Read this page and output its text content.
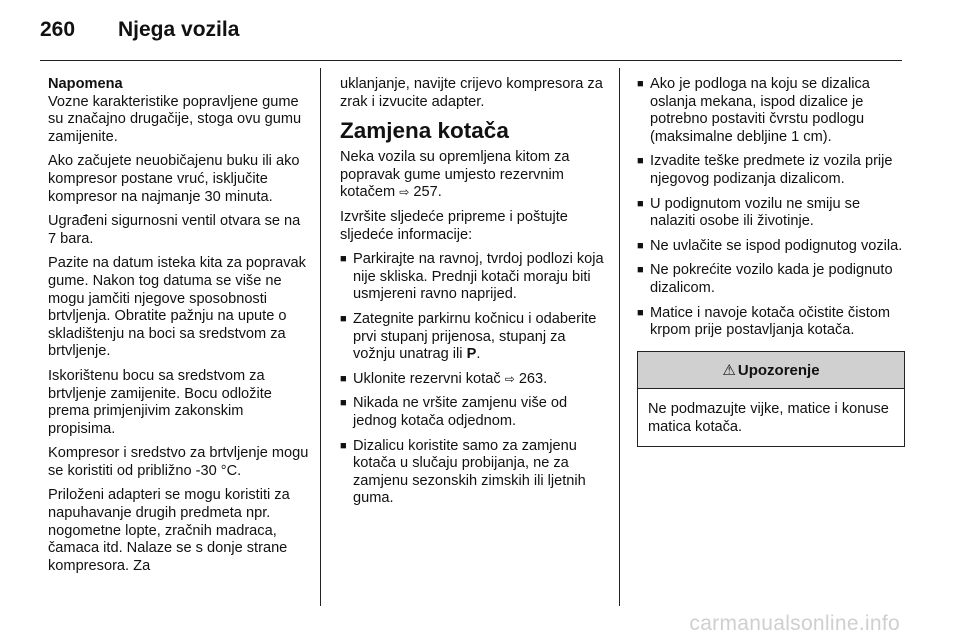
260 Njega vozila

Napomena

Vozne karakteristike popravljene gume su značajno drugačije, stoga ovu gumu zamijenite.

Ako začujete neuobičajenu buku ili ako kompresor postane vruć, isključite kompresor na najmanje 30 minuta.

Ugrađeni sigurnosni ventil otvara se na 7 bara.

Pazite na datum isteka kita za popravak gume. Nakon tog datuma se više ne mogu jamčiti njegove sposobnosti brtvljenja. Obratite pažnju na upute o skladištenju na boci sa sredstvom za brtvljenje.

Iskorištenu bocu sa sredstvom za brtvljenje zamijenite. Bocu odložite prema primjenjivim zakonskim propisima.

Kompresor i sredstvo za brtvljenje mogu se koristiti od približno -30 °C.

Priloženi adapteri se mogu koristiti za napuhavanje drugih predmeta npr. nogometne lopte, zračnih madraca, čamaca itd. Nalaze se s donje strane kompresora. Za

uklanjanje, navijte crijevo kompresora za zrak i izvucite adapter.

Zamjena kotača

Neka vozila su opremljena kitom za popravak gume umjesto rezervnim kotačem ⇨ 257.

Izvršite sljedeće pripreme i poštujte sljedeće informacije:

■ Parkirajte na ravnoj, tvrdoj podlozi koja nije skliska. Prednji kotači moraju biti usmjereni ravno naprijed.
■ Zategnite parkirnu kočnicu i odaberite prvi stupanj prijenosa, stupanj za vožnju unatrag ili P.
■ Uklonite rezervni kotač ⇨ 263.
■ Nikada ne vršite zamjenu više od jednog kotača odjednom.
■ Dizalicu koristite samo za zamjenu kotača u slučaju probijanja, ne za zamjenu sezonskih zimskih ili ljetnih guma.
■ Ako je podloga na koju se dizalica oslanja mekana, ispod dizalice je potrebno postaviti čvrstu podlogu (maksimalne debljine 1 cm).
■ Izvadite teške predmete iz vozila prije njegovog podizanja dizalicom.
■ U podignutom vozilu ne smiju se nalaziti osobe ili životinje.
■ Ne uvlačite se ispod podignutog vozila.
■ Ne pokrećite vozilo kada je podignuto dizalicom.
■ Matice i navoje kotača očistite čistom krpom prije postavljanja kotača.
⚠ Upozorenje
Ne podmazujte vijke, matice i konuse matica kotača.
carmanualsonline.info
